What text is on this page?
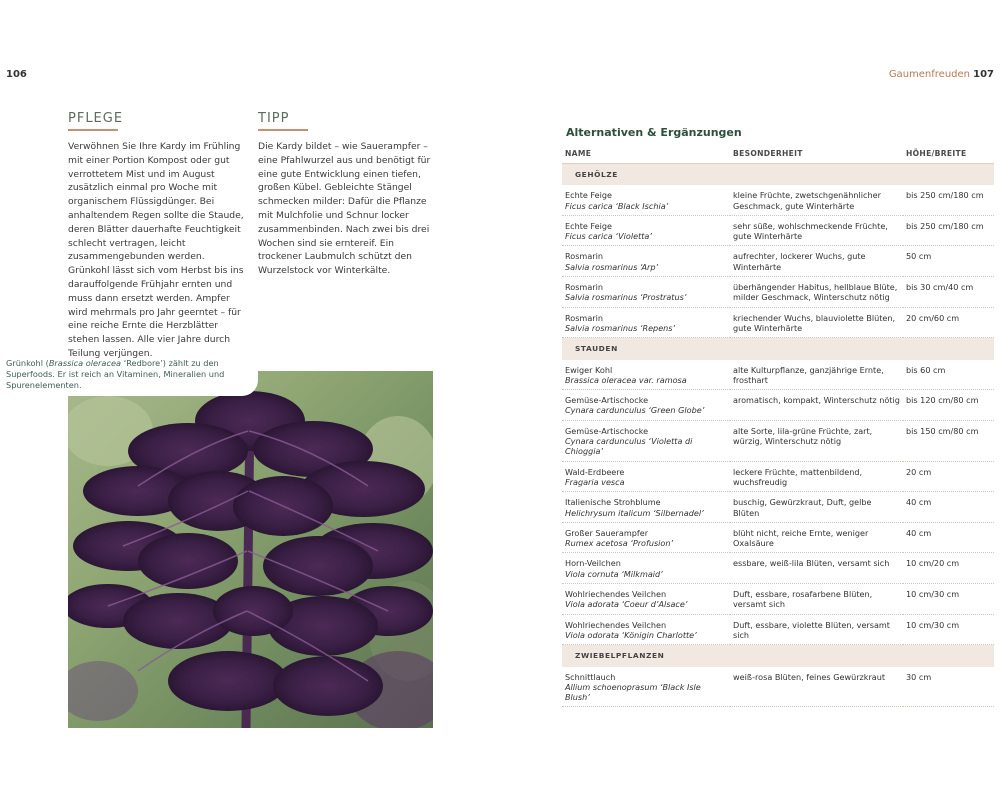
106
PFLEGE
Verwöhnen Sie Ihre Kardy im Frühling mit einer Portion Kompost oder gut verrottetem Mist und im August zusätzlich einmal pro Woche mit organischem Flüssigdünger. Bei anhaltendem Regen sollte die Staude, deren Blätter dauerhafte Feuchtigkeit schlecht vertragen, leicht zusammengebunden werden. Grünkohl lässt sich vom Herbst bis ins darauffolgende Frühjahr ernten und muss dann ersetzt werden. Ampfer wird mehrmals pro Jahr geerntet – für eine reiche Ernte die Herzblätter stehen lassen. Alle vier Jahre durch Teilung verjüngen.
TIPP
Die Kardy bildet – wie Sauerampfer – eine Pfahlwurzel aus und benötigt für eine gute Entwicklung einen tiefen, großen Kübel. Gebleichte Stängel schmecken milder: Dafür die Pflanze mit Mulchfolie und Schnur locker zusammenbinden. Nach zwei bis drei Wochen sind sie erntereif. Ein trockener Laubmulch schützt den Wurzelstock vor Winterkälte.
Grünkohl (Brassica oleracea ‘Redbore’) zählt zu den Superfoods. Er ist reich an Vitaminen, Mineralien und Spurenelementen.
Gaumenfreuden 107
Alternativen & Ergänzungen
NAME	BESONDERHEIT	HÖHE/BREITE
GEHÖLZE		

Echte Feige
Ficus carica ‘Black Ischia’	kleine Früchte, zwetschgenähnlicher Geschmack, gute Winterhärte	bis 250 cm/180 cm

Echte Feige
Ficus carica ‘Violetta’	sehr süße, wohlschmeckende Früchte, gute Winterhärte	bis 250 cm/180 cm

Rosmarin
Salvia rosmarinus ‘Arp’	aufrechter, lockerer Wuchs, gute Winterhärte	50 cm

Rosmarin
Salvia rosmarinus ‘Prostratus’	überhängender Habitus, hellblaue Blüte, milder Geschmack, Winterschutz nötig	bis 30 cm/40 cm

Rosmarin
Salvia rosmarinus ‘Repens’	kriechender Wuchs, blauviolette Blüten, gute Winterhärte	20 cm/60 cm
STAUDEN		

Ewiger Kohl
Brassica oleracea var. ramosa	alte Kulturpflanze, ganzjährige Ernte, frosthart	bis 60 cm

Gemüse-Artischocke
Cynara cardunculus ‘Green Globe’	aromatisch, kompakt, Winterschutz nötig	bis 120 cm/80 cm

Gemüse-Artischocke
Cynara cardunculus ‘Violetta di Chioggia’	alte Sorte, lila-grüne Früchte, zart, würzig, Winterschutz nötig	bis 150 cm/80 cm

Wald-Erdbeere
Fragaria vesca	leckere Früchte, mattenbildend, wuchsfreudig	20 cm

Italienische Strohblume
Helichrysum italicum ‘Silbernadel’	buschig, Gewürzkraut, Duft, gelbe Blüten	40 cm

Großer Sauerampfer
Rumex acetosa ‘Profusion’	blüht nicht, reiche Ernte, weniger Oxalsäure	40 cm

Horn-Veilchen
Viola cornuta ‘Milkmaid’	essbare, weiß-lila Blüten, versamt sich	10 cm/20 cm

Wohlriechendes Veilchen
Viola adorata ‘Coeur d’Alsace’	Duft, essbare, rosafarbene Blüten, versamt sich	10 cm/30 cm

Wohlriechendes Veilchen
Viola odorata ‘Königin Charlotte’	Duft, essbare, violette Blüten, versamt sich	10 cm/30 cm
ZWIEBELPFLANZEN		

Schnittlauch
Allium schoenoprasum ‘Black Isle Blush’	weiß-rosa Blüten, feines Gewürzkraut	30 cm
